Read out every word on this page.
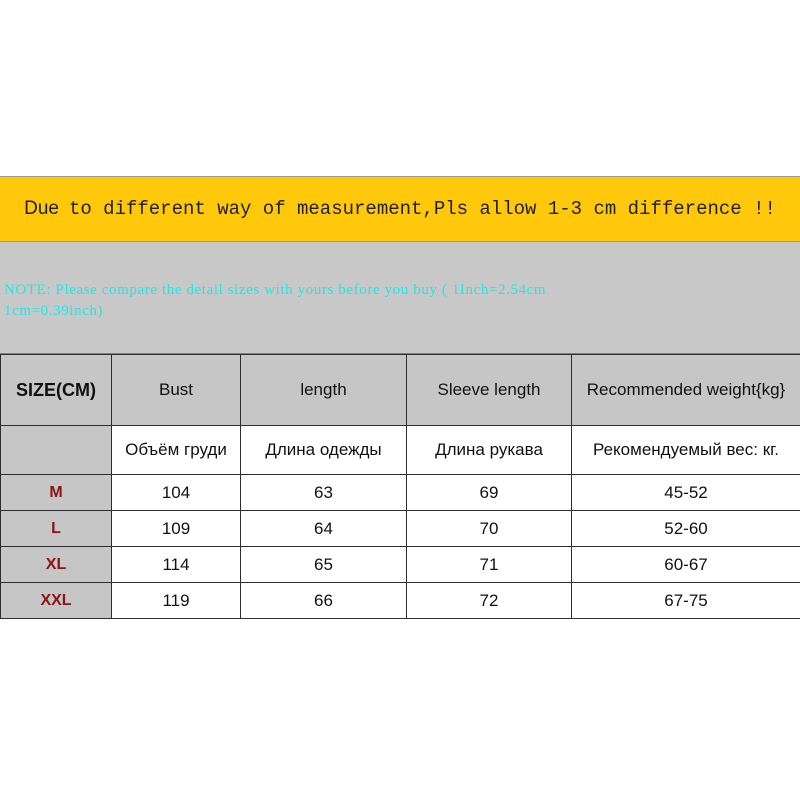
Due to different way of measurement,Pls allow 1-3 cm difference !!
NOTE: Please compare the detail sizes with yours before you buy ( 1Inch=2.54cm
1cm=0.39inch)
SIZE(CM)	Bust	length	Sleeve length	Recommended weight{kg}
	Объём груди	Длина одежды	Длина рукава	Рекомендуемый вес: кг.
M	104	63	69	45-52
L	109	64	70	52-60
XL	114	65	71	60-67
XXL	119	66	72	67-75
